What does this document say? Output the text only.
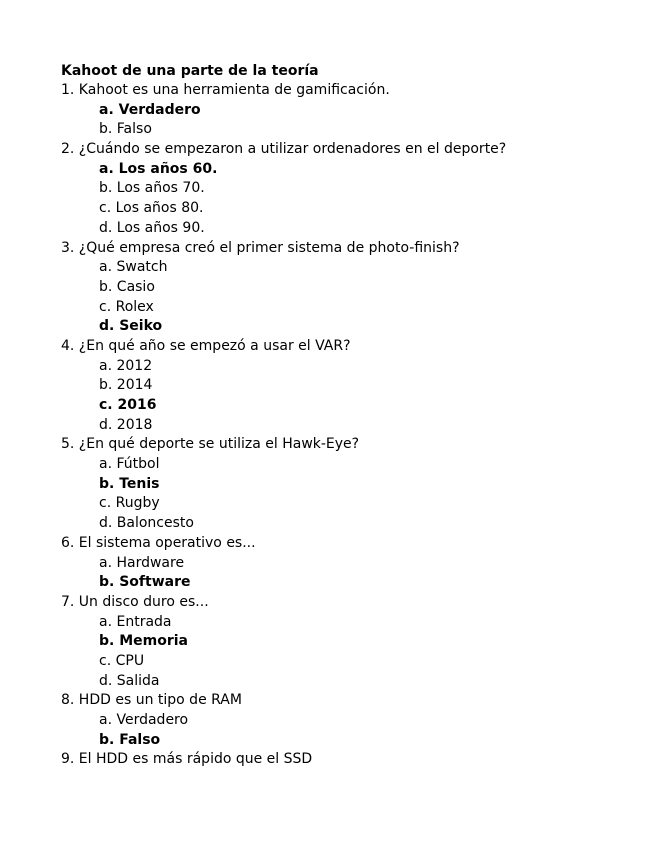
Kahoot de una parte de la teoría
1. Kahoot es una herramienta de gamificación.
a. Verdadero
b. Falso
2. ¿Cuándo se empezaron a utilizar ordenadores en el deporte?
a. Los años 60.
b. Los años 70.
c. Los años 80.
d. Los años 90.
3. ¿Qué empresa creó el primer sistema de photo-finish?
a. Swatch
b. Casio
c. Rolex
d. Seiko
4. ¿En qué año se empezó a usar el VAR?
a. 2012
b. 2014
c. 2016
d. 2018
5. ¿En qué deporte se utiliza el Hawk-Eye?
a. Fútbol
b. Tenis
c. Rugby
d. Baloncesto
6. El sistema operativo es...
a. Hardware
b. Software
7. Un disco duro es...
a. Entrada
b. Memoria
c. CPU
d. Salida
8. HDD es un tipo de RAM
a. Verdadero
b. Falso
9. El HDD es más rápido que el SSD
